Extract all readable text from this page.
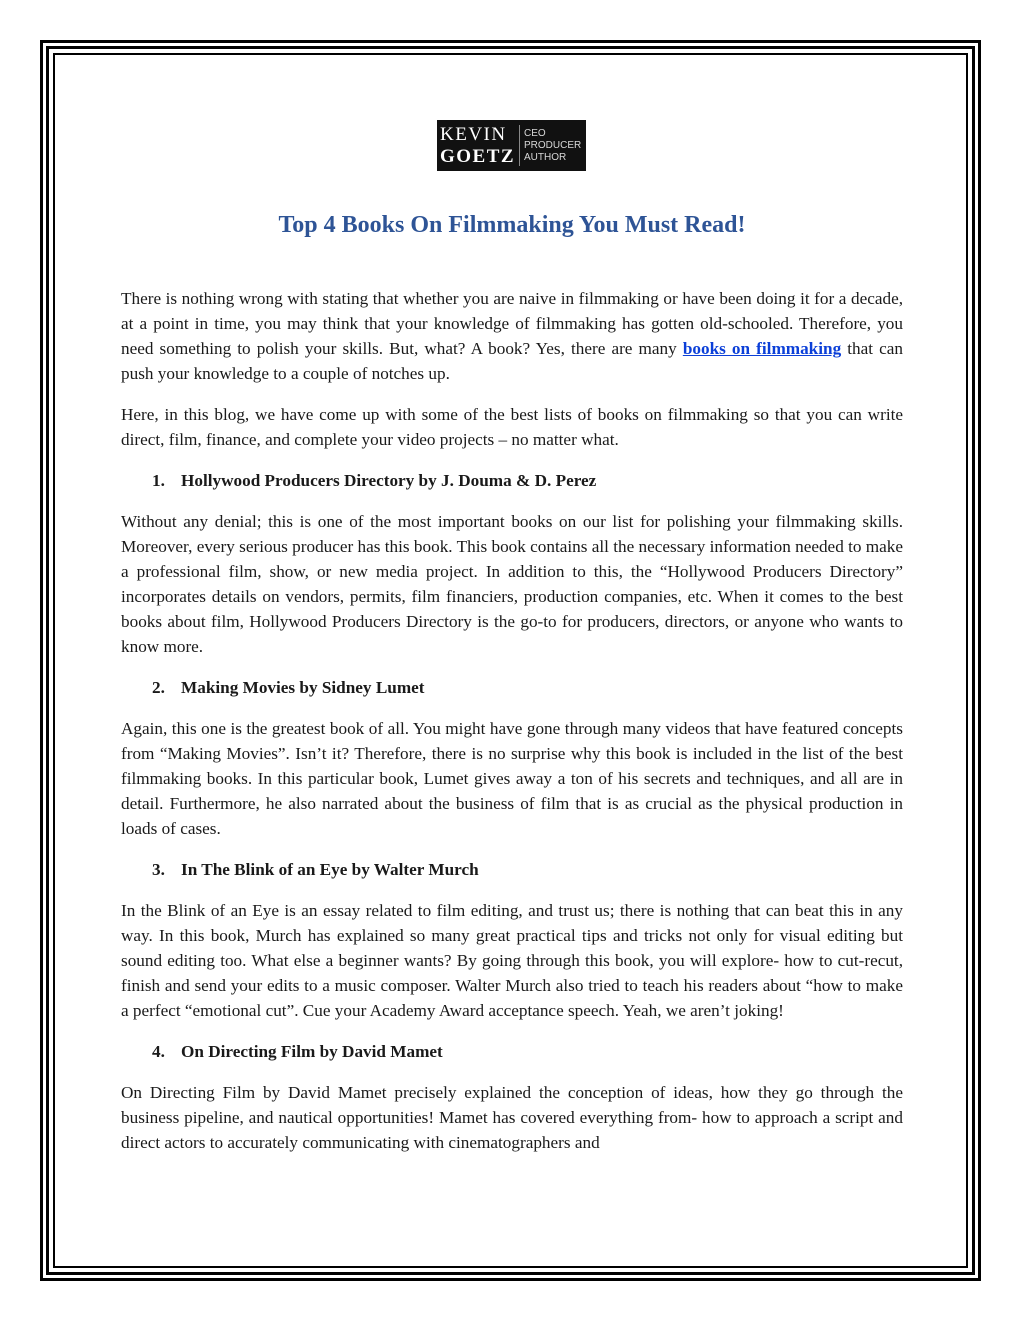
KEVIN
GOETZ
CEO
PRODUCER
AUTHOR
Top 4 Books On Filmmaking You Must Read!

There is nothing wrong with stating that whether you are naive in filmmaking or have been doing it for a decade, at a point in time, you may think that your knowledge of filmmaking has gotten old-schooled. Therefore, you need something to polish your skills. But, what? A book? Yes, there are many books on filmmaking that can push your knowledge to a couple of notches up.

Here, in this blog, we have come up with some of the best lists of books on filmmaking so that you can write direct, film, finance, and complete your video projects – no matter what.

1. Hollywood Producers Directory by J. Douma & D. Perez

Without any denial; this is one of the most important books on our list for polishing your filmmaking skills. Moreover, every serious producer has this book. This book contains all the necessary information needed to make a professional film, show, or new media project. In addition to this, the “Hollywood Producers Directory” incorporates details on vendors, permits, film financiers, production companies, etc. When it comes to the best books about film, Hollywood Producers Directory is the go-to for producers, directors, or anyone who wants to know more.

2. Making Movies by Sidney Lumet

Again, this one is the greatest book of all. You might have gone through many videos that have featured concepts from “Making Movies”. Isn’t it? Therefore, there is no surprise why this book is included in the list of the best filmmaking books. In this particular book, Lumet gives away a ton of his secrets and techniques, and all are in detail. Furthermore, he also narrated about the business of film that is as crucial as the physical production in loads of cases.

3. In The Blink of an Eye by Walter Murch

In the Blink of an Eye is an essay related to film editing, and trust us; there is nothing that can beat this in any way. In this book, Murch has explained so many great practical tips and tricks not only for visual editing but sound editing too. What else a beginner wants? By going through this book, you will explore- how to cut-recut, finish and send your edits to a music composer. Walter Murch also tried to teach his readers about “how to make a perfect “emotional cut”. Cue your Academy Award acceptance speech. Yeah, we aren’t joking!

4. On Directing Film by David Mamet

On Directing Film by David Mamet precisely explained the conception of ideas, how they go through the business pipeline, and nautical opportunities! Mamet has covered everything from- how to approach a script and direct actors to accurately communicating with cinematographers and
